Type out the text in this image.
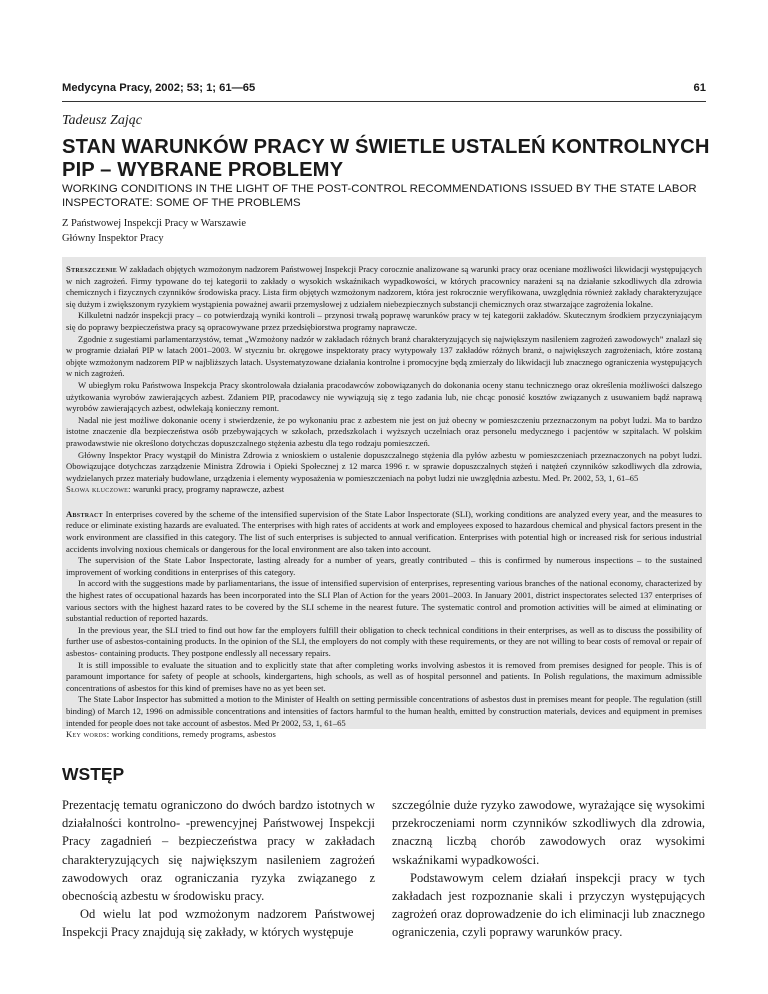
Medycyna Pracy, 2002; 53; 1; 61—65	61
Tadeusz Zając
STAN WARUNKÓW PRACY W ŚWIETLE USTALEŃ KONTROLNYCH
PIP – WYBRANE PROBLEMY
WORKING CONDITIONS IN THE LIGHT OF THE POST-CONTROL RECOMMENDATIONS ISSUED BY THE STATE LABOR
INSPECTORATE: SOME OF THE PROBLEMS
Z Państwowej Inspekcji Pracy w Warszawie
Główny Inspektor Pracy

Streszczenie W zakładach objętych wzmożonym nadzorem Państwowej Inspekcji Pracy corocznie analizowane są warunki pracy oraz oceniane możliwości likwidacji występujących w nich zagrożeń. Firmy typowane do tej kategorii to zakłady o wysokich wskaźnikach wypadkowości, w których pracownicy narażeni są na działanie szkodliwych dla zdrowia chemicznych i fizycznych czynników środowiska pracy. Lista firm objętych wzmożonym nadzorem, która jest rokrocznie weryfikowana, uwzględnia również zakłady charakteryzujące się dużym i zwiększonym ryzykiem wystąpienia poważnej awarii przemysłowej z udziałem niebezpiecznych substancji chemicznych oraz stwarzające zagrożenia lokalne.

Kilkuletni nadzór inspekcji pracy – co potwierdzają wyniki kontroli – przynosi trwałą poprawę warunków pracy w tej kategorii zakładów. Skutecznym środkiem przyczyniającym się do poprawy bezpieczeństwa pracy są opracowywane przez przedsiębiorstwa programy naprawcze.

Zgodnie z sugestiami parlamentarzystów, temat „Wzmożony nadzór w zakładach różnych branż charakteryzujących się największym nasileniem zagrożeń zawodowych” znalazł się w programie działań PIP w latach 2001–2003. W styczniu br. okręgowe inspektoraty pracy wytypowały 137 zakładów różnych branż, o największych zagrożeniach, które zostaną objęte wzmożonym nadzorem PIP w najbliższych latach. Usystematyzowane działania kontrolne i promocyjne będą zmierzały do likwidacji lub znacznego ograniczenia występujących w nich zagrożeń.

W ubiegłym roku Państwowa Inspekcja Pracy skontrolowała działania pracodawców zobowiązanych do dokonania oceny stanu technicznego oraz określenia możliwości dalszego użytkowania wyrobów zawierających azbest. Zdaniem PIP, pracodawcy nie wywiązują się z tego zadania lub, nie chcąc ponosić kosztów związanych z usuwaniem bądź naprawą wyrobów zawierających azbest, odwlekają konieczny remont.

Nadal nie jest możliwe dokonanie oceny i stwierdzenie, że po wykonaniu prac z azbestem nie jest on już obecny w pomieszczeniu przeznaczonym na pobyt ludzi. Ma to bardzo istotne znaczenie dla bezpieczeństwa osób przebywających w szkołach, przedszkolach i wyższych uczelniach oraz personelu medycznego i pacjentów w szpitalach. W polskim prawodawstwie nie określono dotychczas dopuszczalnego stężenia azbestu dla tego rodzaju pomieszczeń.

Główny Inspektor Pracy wystąpił do Ministra Zdrowia z wnioskiem o ustalenie dopuszczalnego stężenia dla pyłów azbestu w pomieszczeniach przeznaczonych na pobyt ludzi. Obowiązujące dotychczas zarządzenie Ministra Zdrowia i Opieki Społecznej z 12 marca 1996 r. w sprawie dopuszczalnych stężeń i natężeń czynników szkodliwych dla zdrowia, wydzielanych przez materiały budowlane, urządzenia i elementy wyposażenia w pomieszczeniach na pobyt ludzi nie uwzględnia azbestu. Med. Pr. 2002, 53, 1, 61–65

Słowa kluczowe: warunki pracy, programy naprawcze, azbest

Abstract In enterprises covered by the scheme of the intensified supervision of the State Labor Inspectorate (SLI), working conditions are analyzed every year, and the measures to reduce or eliminate existing hazards are evaluated. The enterprises with high rates of accidents at work and employees exposed to hazardous chemical and physical factors present in the work environment are classified in this category. The list of such enterprises is subjected to annual verification. Enterprises with potential high or increased risk for serious industrial accidents involving noxious chemicals or dangerous for the local environment are also taken into account.

The supervision of the State Labor Inspectorate, lasting already for a number of years, greatly contributed – this is confirmed by numerous inspections – to the sustained improvement of working conditions in enterprises of this category.

In accord with the suggestions made by parliamentarians, the issue of intensified supervision of enterprises, representing various branches of the national economy, characterized by the highest rates of occupational hazards has been incorporated into the SLI Plan of Action for the years 2001–2003. In January 2001, district inspectorates selected 137 enterprises of various sectors with the highest hazard rates to be covered by the SLI scheme in the nearest future. The systematic control and promotion activities will be aimed at eliminating or substantial reduction of reported hazards.

In the previous year, the SLI tried to find out how far the employers fulfill their obligation to check technical conditions in their enterprises, as well as to discuss the possibility of further use of asbestos-containing products. In the opinion of the SLI, the employers do not comply with these requirements, or they are not willing to bear costs of removal or repair of asbestos- containing products. They postpone endlessly all necessary repairs.

It is still impossible to evaluate the situation and to explicitly state that after completing works involving asbestos it is removed from premises designed for people. This is of paramount importance for safety of people at schools, kindergartens, high schools, as well as of hospital personnel and patients. In Polish regulations, the maximum admissible concentrations of asbestos for this kind of premises have no as yet been set.

The State Labor Inspector has submitted a motion to the Minister of Health on setting permissible concentrations of asbestos dust in premises meant for people. The regulation (still binding) of March 12, 1996 on admissible concentrations and intensities of factors harmful to the human health, emitted by construction materials, devices and equipment in premises intended for people does not take account of asbestos. Med Pr 2002, 53, 1, 61–65

Key words: working conditions, remedy programs, asbestos

WSTĘP

Prezentację tematu ograniczono do dwóch bardzo istotnych w działalności kontrolno- -prewencyjnej Państwowej Inspekcji Pracy zagadnień – bezpieczeństwa pracy w zakładach charakteryzujących się największym nasileniem zagrożeń zawodowych oraz ograniczania ryzyka związanego z obecnością azbestu w środowisku pracy.

Od wielu lat pod wzmożonym nadzorem Państwowej Inspekcji Pracy znajdują się zakłady, w których występuje

szczególnie duże ryzyko zawodowe, wyrażające się wysokimi przekroczeniami norm czynników szkodliwych dla zdrowia, znaczną liczbą chorób zawodowych oraz wysokimi wskaźnikami wypadkowości.

Podstawowym celem działań inspekcji pracy w tych zakładach jest rozpoznanie skali i przyczyn występujących zagrożeń oraz doprowadzenie do ich eliminacji lub znacznego ograniczenia, czyli poprawy warunków pracy.
